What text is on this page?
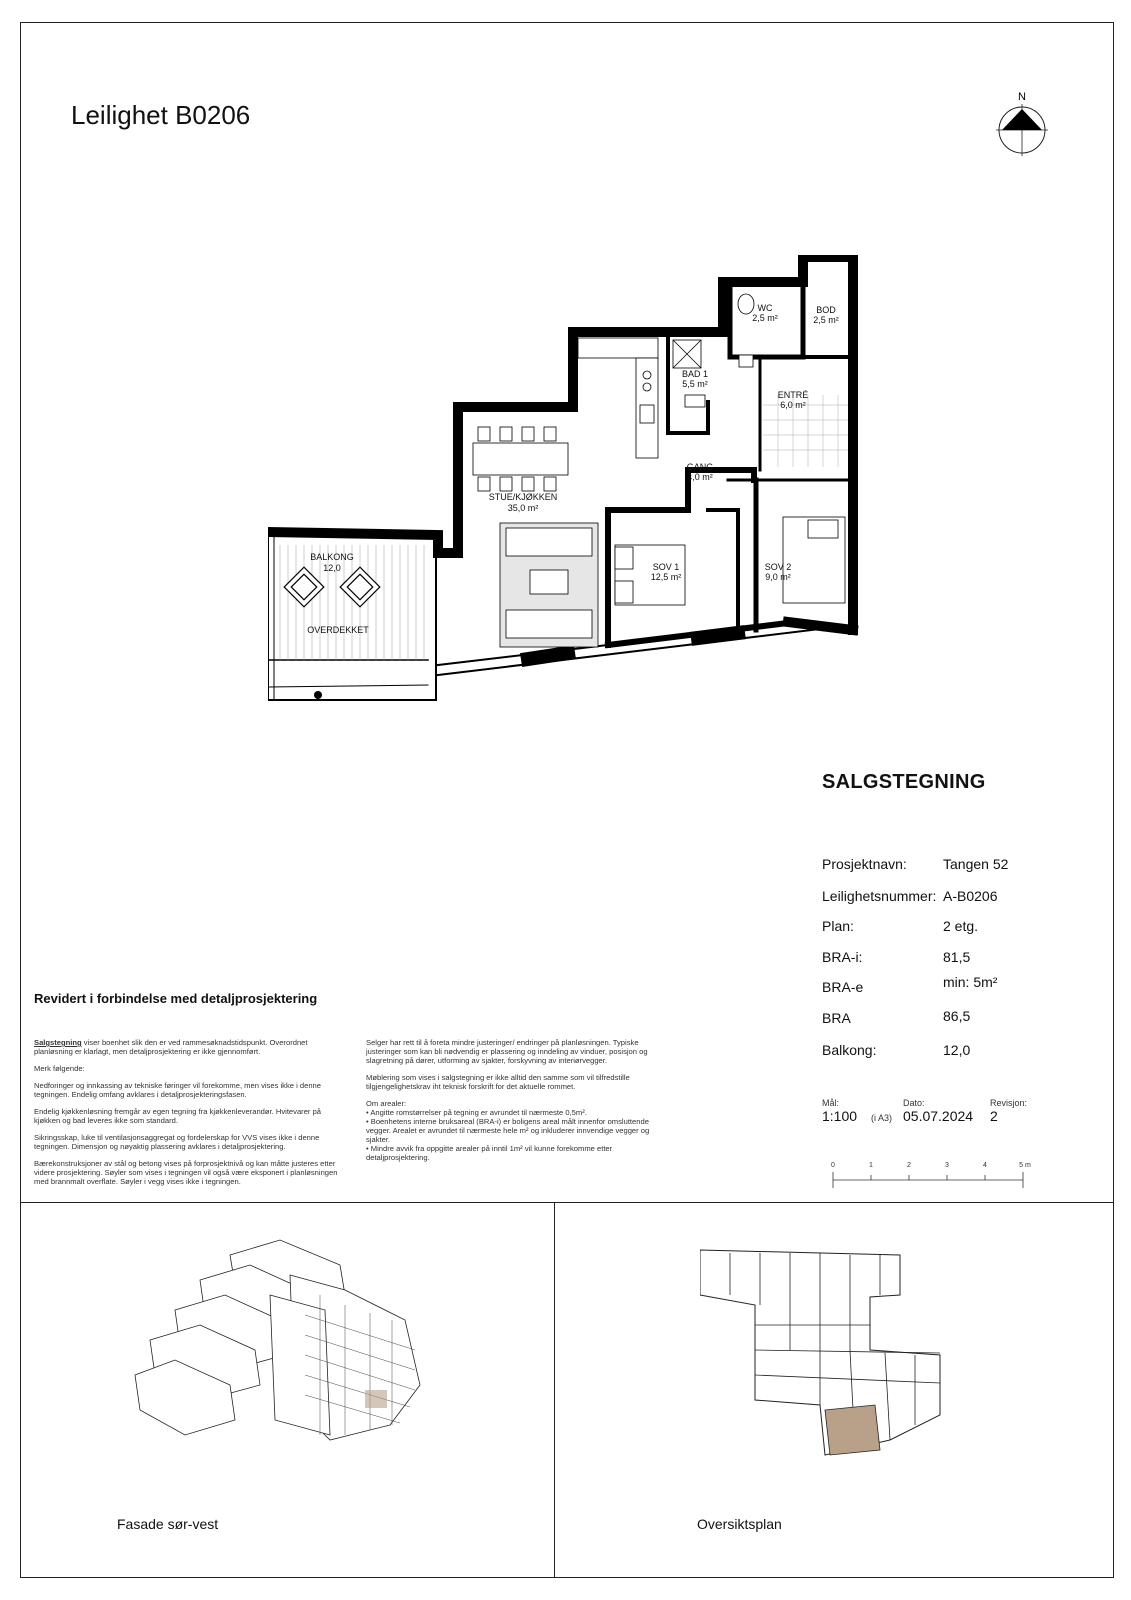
Leilighet B0206
N
WC
2,5 m²
BOD
2,5 m²
BAD 1
5,5 m²
ENTRÉ
6,0 m²
GANG
4,0 m²
STUE/KJØKKEN
35,0 m²
BALKONG
12,0
OVERDEKKET
SOV 1
12,5 m²
SOV 2
9,0 m²
SALGSTEGNING
Prosjektnavn:	Tangen 52
Leilighetsnummer: A-B0206
Plan:	2 etg.
BRA-i:	81,5
BRA-e	min: 5m²
BRA	86,5
Balkong:	12,0
Mål:
1:100 (i A3)
Dato:
05.07.2024
Revisjon:
2
0	1	2	3	4	5 m
Revidert i forbindelse med detaljprosjektering

Salgstegning viser boenhet slik den er ved rammesøknadstidspunkt. Overordnet planløsning er klarlagt, men detaljprosjektering er ikke gjennomført.

Merk følgende:

Nedforinger og innkassing av tekniske føringer vil forekomme, men vises ikke i denne tegningen. Endelig omfang avklares i detaljprosjekteringsfasen.

Endelig kjøkkenløsning fremgår av egen tegning fra kjøkkenleverandør. Hvitevarer på kjøkken og bad leveres ikke som standard.

Sikringsskap, luke til ventilasjonsaggregat og fordelerskap for VVS vises ikke i denne tegningen. Dimensjon og nøyaktig plassering avklares i detaljprosjektering.

Bærekonstruksjoner av stål og betong vises på forprosjektnivå og kan måtte justeres etter videre prosjektering. Søyler som vises i tegningen vil også være eksponert i planløsningen med brannmalt overflate. Søyler i vegg vises ikke i tegningen.

Selger har rett til å foreta mindre justeringer/ endringer på planløsningen. Typiske justeringer som kan bli nødvendig er plassering og inndeling av vinduer, posisjon og slagretning på dører, utforming av sjakter, forskyvning av interiørvegger.

Møblering som vises i salgstegning er ikke alltid den samme som vil tilfredstille tilgjengelighetskrav iht teknisk forskrift for det aktuelle rommet.

Om arealer:

• Angitte romstørrelser på tegning er avrundet til nærmeste 0,5m².

• Boenhetens interne bruksareal (BRA-i) er boligens areal målt innenfor omsluttende vegger. Arealet er avrundet til nærmeste hele m² og inkluderer innvendige vegger og sjakter.

• Mindre avvik fra oppgitte arealer på inntil 1m² vil kunne forekomme etter detaljprosjektering.

Fasade sør-vest	Oversiktsplan
